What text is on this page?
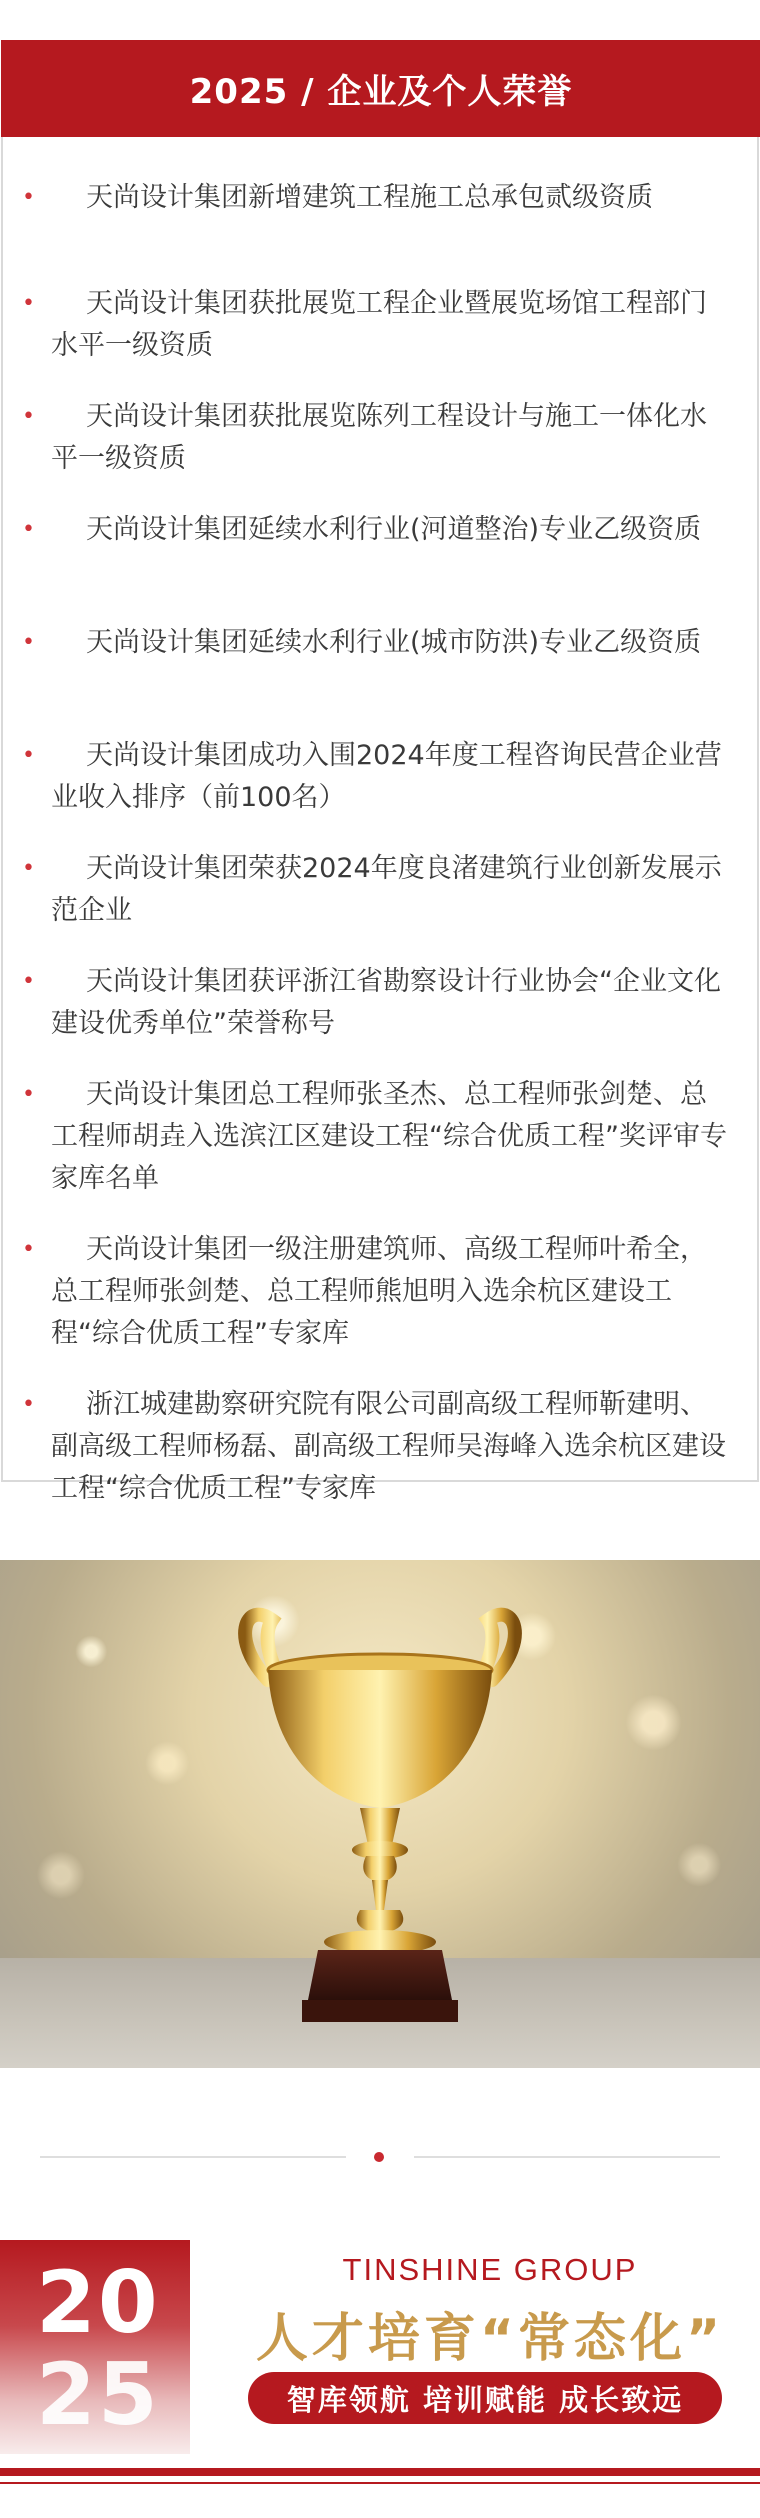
2025 / 企业及个人荣誉

•	天尚设计集团新增建筑工程施工总承包贰级资质

•	天尚设计集团获批展览工程企业暨展览场馆工程部门水平一级资质

•	天尚设计集团获批展览陈列工程设计与施工一体化水平一级资质

•	天尚设计集团延续水利行业(河道整治)专业乙级资质

•	天尚设计集团延续水利行业(城市防洪)专业乙级资质

•	天尚设计集团成功入围2024年度工程咨询民营企业营业收入排序（前100名）

•	天尚设计集团荣获2024年度良渚建筑行业创新发展示范企业

•	天尚设计集团获评浙江省勘察设计行业协会“企业文化建设优秀单位”荣誉称号

•	天尚设计集团总工程师张圣杰、总工程师张剑楚、总工程师胡垚入选滨江区建设工程“综合优质工程”奖评审专家库名单

•	天尚设计集团一级注册建筑师、高级工程师叶希全，总工程师张剑楚、总工程师熊旭明入选余杭区建设工程“综合优质工程”专家库

•	浙江城建勘察研究院有限公司副高级工程师靳建明、副高级工程师杨磊、副高级工程师吴海峰入选余杭区建设工程“综合优质工程”专家库

20
25
TINSHINE GROUP
人才培育“常态化”
智库领航 培训赋能 成长致远
